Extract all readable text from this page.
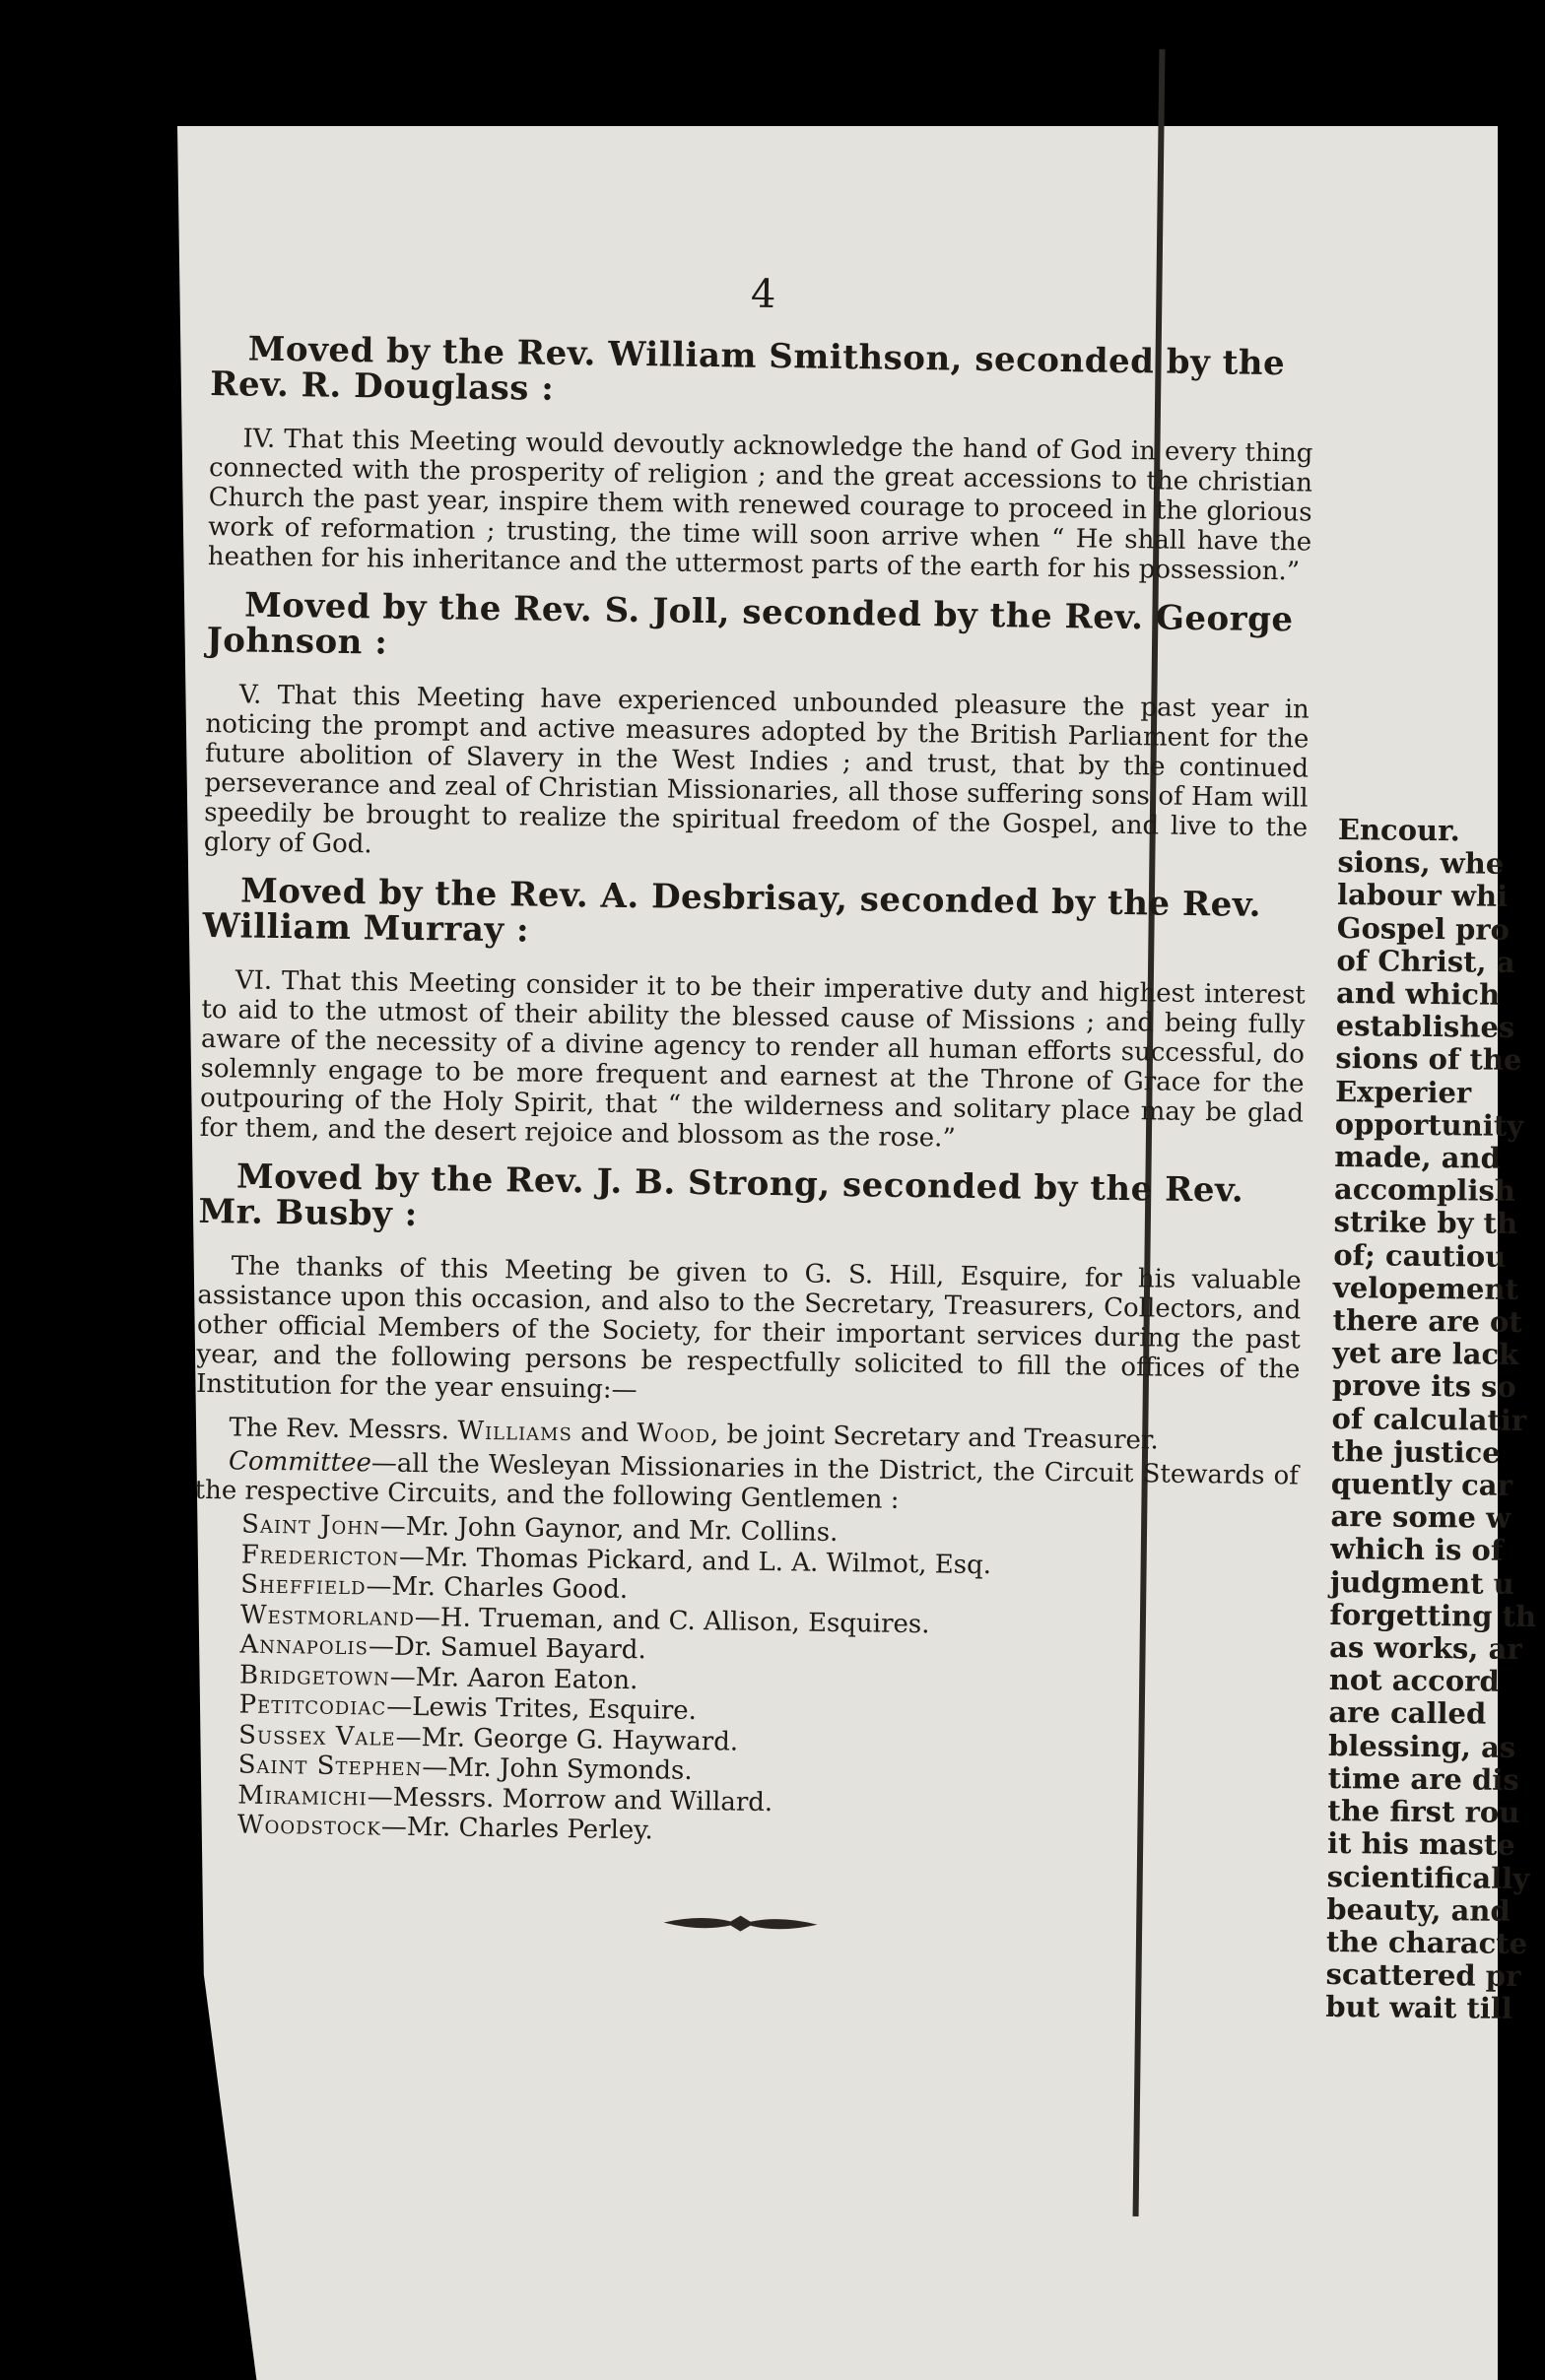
4
Moved by the Rev. William Smithson, seconded by the Rev. R. Douglass :

IV. That this Meeting would devoutly acknowledge the hand of God in every thing connected with the prosperity of religion ; and the great accessions to the christian Church the past year, inspire them with renewed courage to proceed in the glorious work of reformation ; trusting, the time will soon arrive when “ He shall have the heathen for his inheritance and the uttermost parts of the earth for his possession.”

Moved by the Rev. S. Joll, seconded by the Rev. George Johnson :

V. That this Meeting have experienced unbounded pleasure the past year in noticing the prompt and active measures adopted by the British Parliament for the future abolition of Slavery in the West Indies ; and trust, that by the continued perseverance and zeal of Christian Missionaries, all those suffering sons of Ham will speedily be brought to realize the spiritual freedom of the Gospel, and live to the glory of God.

Moved by the Rev. A. Desbrisay, seconded by the Rev. William Murray :

VI. That this Meeting consider it to be their imperative duty and highest interest to aid to the utmost of their ability the blessed cause of Missions ; and being fully aware of the necessity of a divine agency to render all human efforts successful, do solemnly engage to be more frequent and earnest at the Throne of Grace for the outpouring of the Holy Spirit, that “ the wilderness and solitary place may be glad for them, and the desert rejoice and blossom as the rose.”

Moved by the Rev. J. B. Strong, seconded by the Rev. Mr. Busby :

The thanks of this Meeting be given to G. S. Hill, Esquire, for his valuable assistance upon this occasion, and also to the Secretary, Treasurers, Collectors, and other official Members of the Society, for their important services during the past year, and the following persons be respectfully solicited to fill the offices of the Institution for the year ensuing:—

The Rev. Messrs. Williams and Wood, be joint Secretary and Treasurer.
Committee—all the Wesleyan Missionaries in the District, the Circuit Stewards of the respective Circuits, and the following Gentlemen :
Saint John—Mr. John Gaynor, and Mr. Collins.
Fredericton—Mr. Thomas Pickard, and L. A. Wilmot, Esq.
Sheffield—Mr. Charles Good.
Westmorland—H. Trueman, and C. Allison, Esquires.
Annapolis—Dr. Samuel Bayard.
Bridgetown—Mr. Aaron Eaton.
Petitcodiac—Lewis Trites, Esquire.
Sussex Vale—Mr. George G. Hayward.
Saint Stephen—Mr. John Symonds.
Miramichi—Messrs. Morrow and Willard.
Woodstock—Mr. Charles Perley.
Encour.
sions, whe
labour whi
Gospel pro
of Christ, a
and which
establishes
sions of the
Experier
opportunity
made, and
accomplish
strike by th
of; cautiou
velopement
there are ot
yet are lack
prove its so
of calculatir
the justice
quently car
are some w
which is of
judgment u
forgetting th
as works, ar
not accord
are called
blessing, as
time are dis
the first rou
it his maste
scientifically
beauty, and
the characte
scattered pr
but wait till
